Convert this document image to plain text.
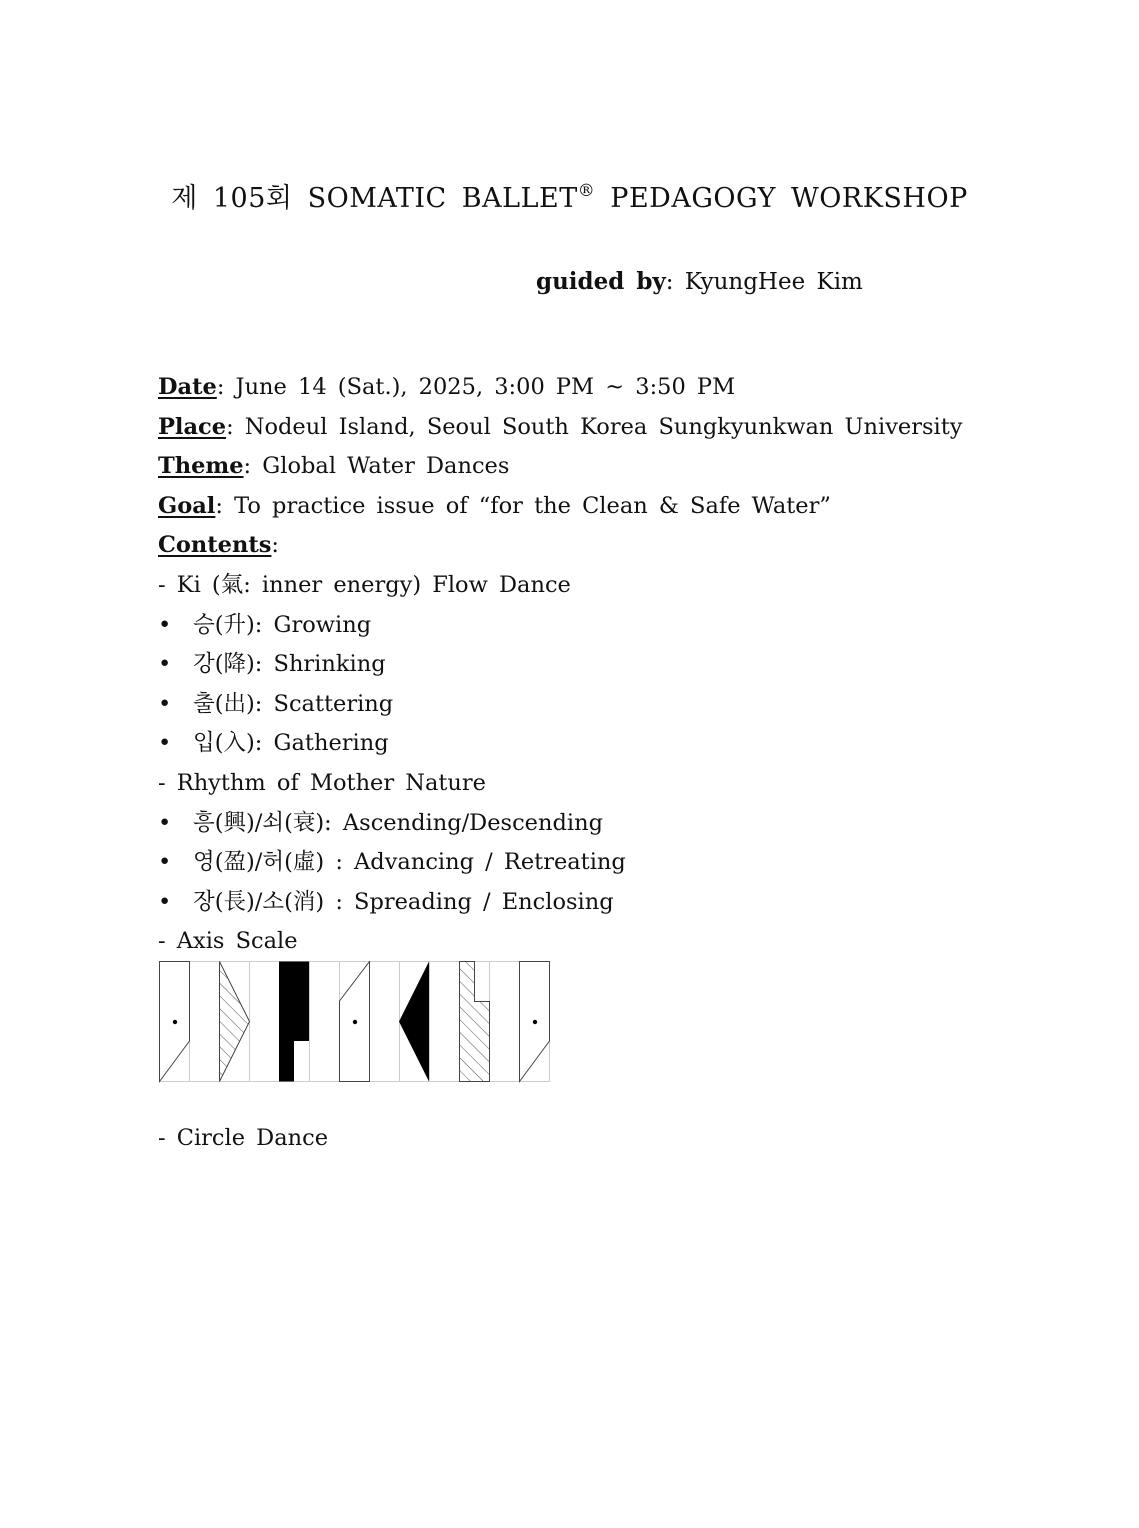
제 105회 SOMATIC BALLET® PEDAGOGY WORKSHOP
guided by: KyungHee Kim
Date: June 14 (Sat.), 2025, 3:00 PM ~ 3:50 PM
Place: Nodeul Island, Seoul South Korea Sungkyunkwan University
Theme: Global Water Dances
Goal: To practice issue of “for the Clean & Safe Water”
Contents:
- Ki (氣: inner energy) Flow Dance
• 승(升): Growing
• 강(降): Shrinking
• 출(出): Scattering
• 입(入): Gathering
- Rhythm of Mother Nature
• 흥(興)/쇠(衰): Ascending/Descending
• 영(盈)/허(虛) : Advancing / Retreating
• 장(長)/소(消) : Spreading / Enclosing
- Axis Scale
- Circle Dance
